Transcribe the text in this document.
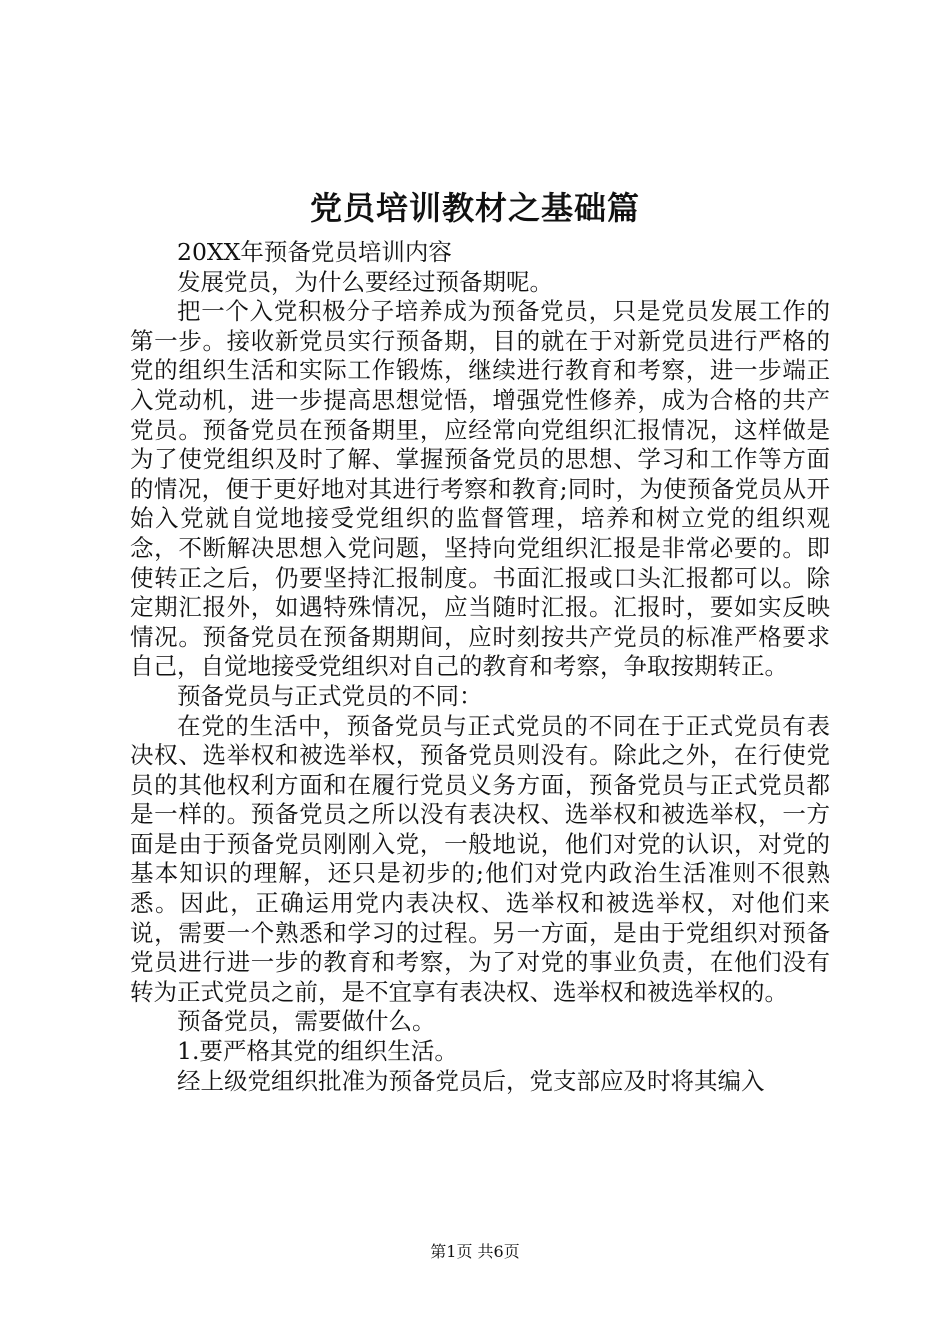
党员培训教材之基础篇

20XX年预备党员培训内容

发展党员，为什么要经过预备期呢。

把一个入党积极分子培养成为预备党员，只是党员发展工作的第一步。接收新党员实行预备期，目的就在于对新党员进行严格的党的组织生活和实际工作锻炼，继续进行教育和考察，进一步端正入党动机，进一步提高思想觉悟，增强党性修养，成为合格的共产党员。预备党员在预备期里，应经常向党组织汇报情况，这样做是为了使党组织及时了解、掌握预备党员的思想、学习和工作等方面的情况，便于更好地对其进行考察和教育;同时，为使预备党员从开始入党就自觉地接受党组织的监督管理，培养和树立党的组织观念，不断解决思想入党问题，坚持向党组织汇报是非常必要的。即使转正之后，仍要坚持汇报制度。书面汇报或口头汇报都可以。除定期汇报外，如遇特殊情况，应当随时汇报。汇报时，要如实反映情况。预备党员在预备期期间，应时刻按共产党员的标准严格要求自己，自觉地接受党组织对自己的教育和考察，争取按期转正。

预备党员与正式党员的不同：

在党的生活中，预备党员与正式党员的不同在于正式党员有表决权、选举权和被选举权，预备党员则没有。除此之外，在行使党员的其他权利方面和在履行党员义务方面，预备党员与正式党员都是一样的。预备党员之所以没有表决权、选举权和被选举权，一方面是由于预备党员刚刚入党，一般地说，他们对党的认识，对党的基本知识的理解，还只是初步的;他们对党内政治生活准则不很熟悉。因此，正确运用党内表决权、选举权和被选举权，对他们来说，需要一个熟悉和学习的过程。另一方面，是由于党组织对预备党员进行进一步的教育和考察，为了对党的事业负责，在他们没有转为正式党员之前，是不宜享有表决权、选举权和被选举权的。

预备党员，需要做什么。

1.要严格其党的组织生活。

经上级党组织批准为预备党员后，党支部应及时将其编入

第1页 共6页
